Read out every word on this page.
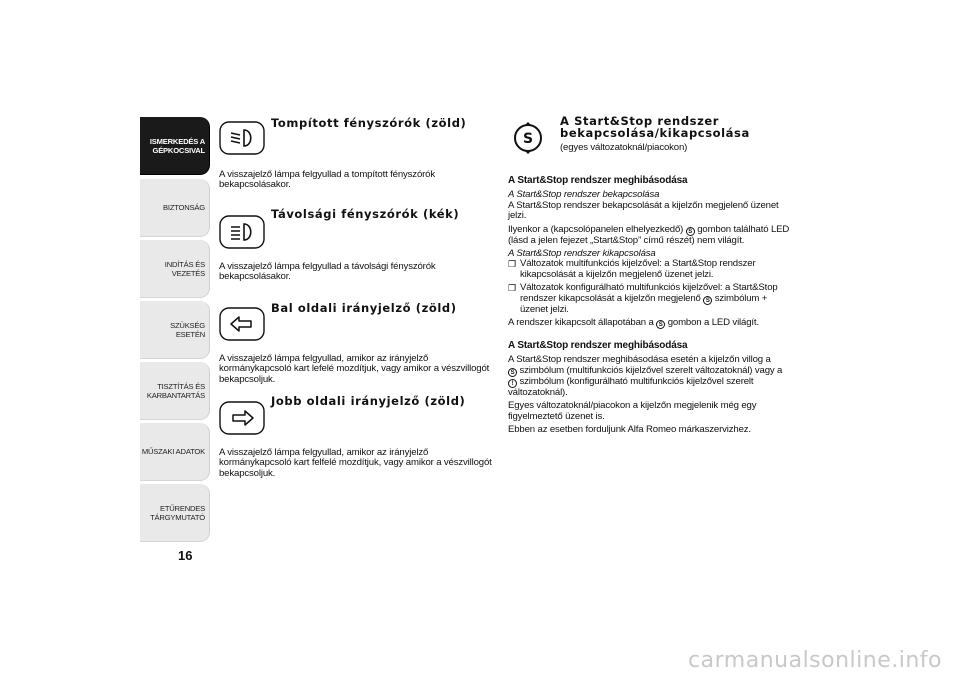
ISMERKEDÉS A GÉPKOCSIVAL
BIZTONSÁG
INDÍTÁS ÉS VEZETÉS
SZÜKSÉG ESETÉN
TISZTÍTÁS ÉS KARBANTARTÁS
MŰSZAKI ADATOK
ETŰRENDES TÁRGYMUTATÓ
16
Tompított fényszórók (zöld)

A visszajelző lámpa felgyullad a tompított fényszórók bekapcsolásakor.

Távolsági fényszórók (kék)

A visszajelző lámpa felgyullad a távolsági fényszórók bekapcsolásakor.

Bal oldali irányjelző (zöld)

A visszajelző lámpa felgyullad, amikor az irányjelző kormánykapcsoló kart lefelé mozdítjuk, vagy amikor a vészvillogót bekapcsoljuk.

Jobb oldali irányjelző (zöld)

A visszajelző lámpa felgyullad, amikor az irányjelző kormánykapcsoló kart felfelé mozdítjuk, vagy amikor a vészvillogót bekapcsoljuk.

S
A Start&Stop rendszer
bekapcsolása/kikapcsolása
(egyes változatoknál/piacokon)

A Start&Stop rendszer meghibásodása

A Start&Stop rendszer bekapcsolása

A Start&Stop rendszer bekapcsolását a kijelzőn megjelenő üzenet jelzi.

Ilyenkor a (kapcsolópanelen elhelyezkedő) S gombon található LED (lásd a jelen fejezet „Start&Stop” című részét) nem világít.

A Start&Stop rendszer kikapcsolása

❒ Változatok multifunkciós kijelzővel: a Start&Stop rendszer kikapcsolását a kijelzőn megjelenő üzenet jelzi.

❒ Változatok konfigurálható multifunkciós kijelzővel: a Start&Stop rendszer kikapcsolását a kijelzőn megjelenő S szimbólum + üzenet jelzi.

A rendszer kikapcsolt állapotában a S gombon a LED világít.

A Start&Stop rendszer meghibásodása

A Start&Stop rendszer meghibásodása esetén a kijelzőn villog a

S szimbólum (multifunkciós kijelzővel szerelt változatoknál) vagy a

! szimbólum (konfigurálható multifunkciós kijelzővel szerelt változatoknál).

Egyes változatoknál/piacokon a kijelzőn megjelenik még egy figyelmeztető üzenet is.

Ebben az esetben forduljunk Alfa Romeo márkaszervizhez.

carmanualsonline.info
